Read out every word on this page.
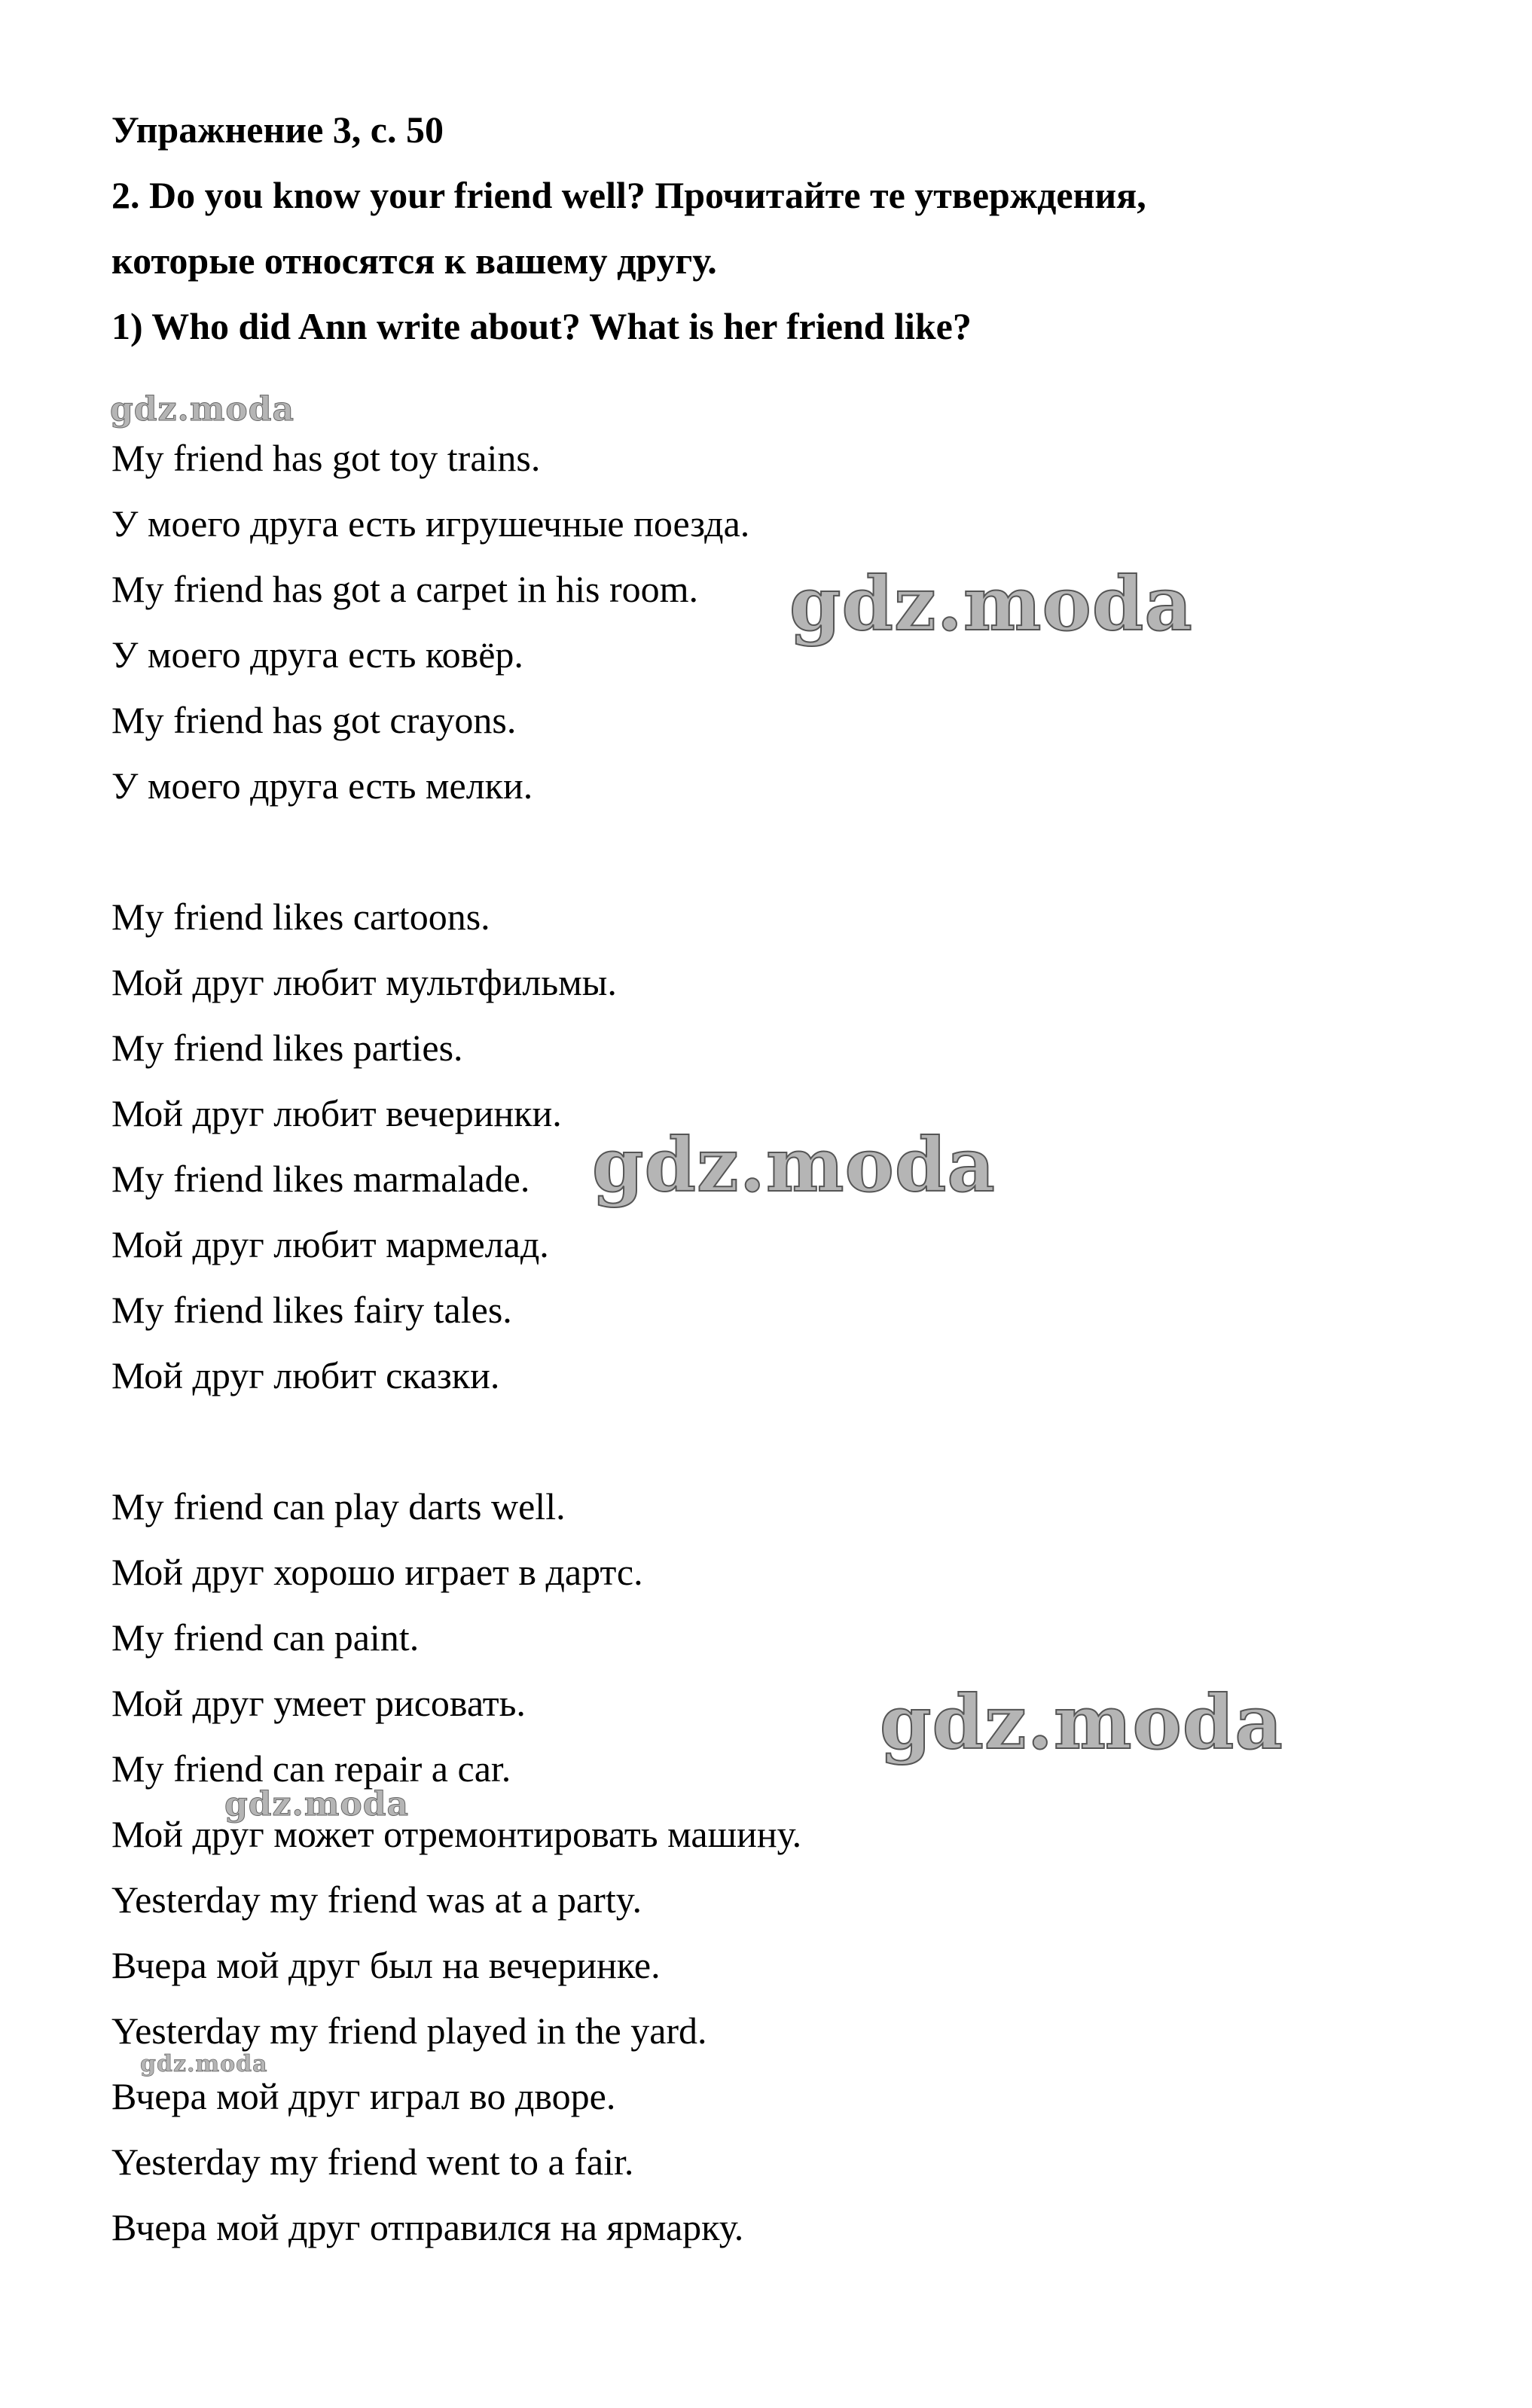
Упражнение 3, с. 50
2. Do you know your friend well? Прочитайте те утверждения,
которые относятся к вашему другу.
1) Who did Ann write about? What is her friend like?
gdz.moda
My friend has got toy trains.
У моего друга есть игрушечные поезда.
My friend has got a carpet in his room.
У моего друга есть ковёр.
My friend has got crayons.
У моего друга есть мелки.
My friend likes cartoons.
Мой друг любит мультфильмы.
My friend likes parties.
Мой друг любит вечеринки.
My friend likes marmalade.
Мой друг любит мармелад.
My friend likes fairy tales.
Мой друг любит сказки.
My friend can play darts well.
Мой друг хорошо играет в дартс.
My friend can paint.
Мой друг умеет рисовать.
My friend can repair a car.
Мой друг может отремонтировать машину.
Yesterday my friend was at a party.
Вчера мой друг был на вечеринке.
Yesterday my friend played in the yard.
Вчера мой друг играл во дворе.
Yesterday my friend went to a fair.
Вчера мой друг отправился на ярмарку.
gdz.moda
gdz.moda
gdz.moda
gdz.moda
gdz.moda
